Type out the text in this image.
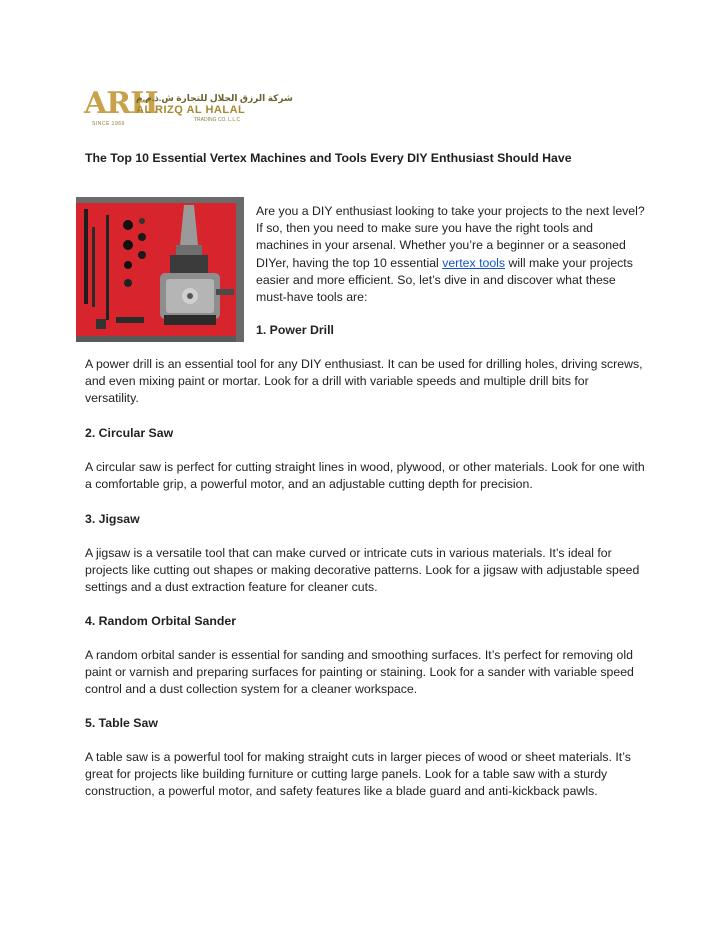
ARH
SINCE 1969
شركة الرزق الحلال للتجارة ش.ذ.م.م
AL RIZQ AL HALAL
TRADING CO. L.L.C
The Top 10 Essential Vertex Machines and Tools Every DIY Enthusiast Should Have

Are you a DIY enthusiast looking to take your projects to the next level? If so, then you need to make sure you have the right tools and machines in your arsenal. Whether you’re a beginner or a seasoned DIYer, having the top 10 essential vertex tools will make your projects easier and more efficient. So, let’s dive in and discover what these must-have tools are:

1. Power Drill

A power drill is an essential tool for any DIY enthusiast. It can be used for drilling holes, driving screws, and even mixing paint or mortar. Look for a drill with variable speeds and multiple drill bits for versatility.

2. Circular Saw

A circular saw is perfect for cutting straight lines in wood, plywood, or other materials. Look for one with a comfortable grip, a powerful motor, and an adjustable cutting depth for precision.

3. Jigsaw

A jigsaw is a versatile tool that can make curved or intricate cuts in various materials. It’s ideal for projects like cutting out shapes or making decorative patterns. Look for a jigsaw with adjustable speed settings and a dust extraction feature for cleaner cuts.

4. Random Orbital Sander

A random orbital sander is essential for sanding and smoothing surfaces. It’s perfect for removing old paint or varnish and preparing surfaces for painting or staining. Look for a sander with variable speed control and a dust collection system for a cleaner workspace.

5. Table Saw

A table saw is a powerful tool for making straight cuts in larger pieces of wood or sheet materials. It’s great for projects like building furniture or cutting large panels. Look for a table saw with a sturdy construction, a powerful motor, and safety features like a blade guard and anti-kickback pawls.
